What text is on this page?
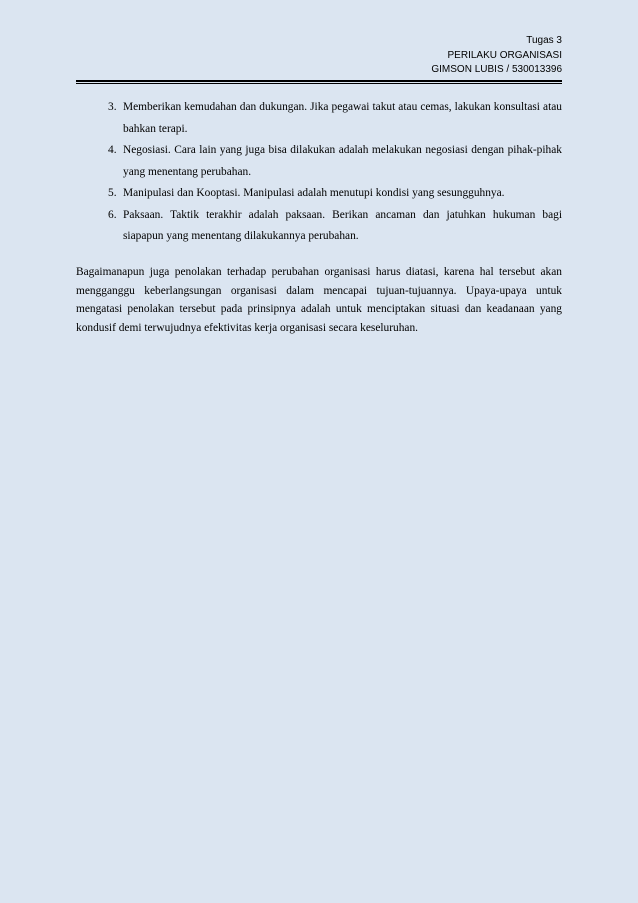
Tugas 3
PERILAKU ORGANISASI
GIMSON LUBIS / 530013396
3 . Memberikan kemudahan dan dukungan. Jika pegawai takut atau cemas, lakukan konsultasi atau bahkan terapi.
4 . Negosiasi. Cara lain yang juga bisa dilakukan adalah melakukan negosiasi dengan pihak-pihak yang menentang perubahan.
5 . Manipulasi dan Kooptasi. Manipulasi adalah menutupi kondisi yang sesungguhnya.
6 . Paksaan. Taktik terakhir adalah paksaan. Berikan ancaman dan jatuhkan hukuman bagi siapapun yang menentang dilakukannya perubahan.

Bagaimanapun juga penolakan terhadap perubahan organisasi harus diatasi, karena hal tersebut akan mengganggu keberlangsungan organisasi dalam mencapai tujuan-tujuannya. Upaya-upaya untuk mengatasi penolakan tersebut pada prinsipnya adalah untuk menciptakan situasi dan keadanaan yang kondusif demi terwujudnya efektivitas kerja organisasi secara keseluruhan.
